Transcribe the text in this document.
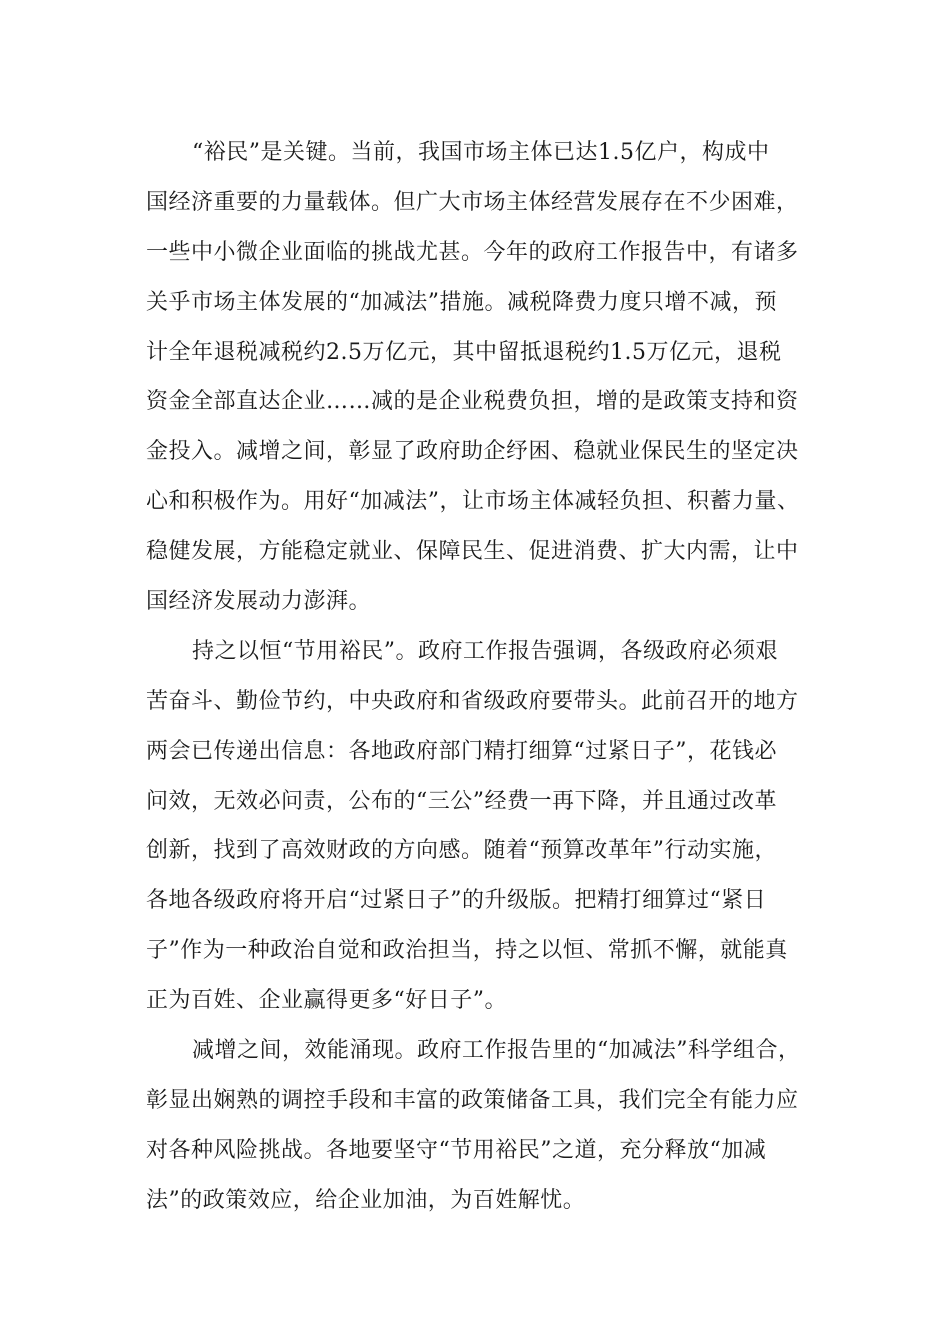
“裕民”是关键。当前，我国市场主体已达1.5亿户，构成中
国经济重要的力量载体。但广大市场主体经营发展存在不少困难，
一些中小微企业面临的挑战尤甚。今年的政府工作报告中，有诸多
关乎市场主体发展的“加减法”措施。减税降费力度只增不减，预
计全年退税减税约2.5万亿元，其中留抵退税约1.5万亿元，退税
资金全部直达企业……减的是企业税费负担，增的是政策支持和资
金投入。减增之间，彰显了政府助企纾困、稳就业保民生的坚定决
心和积极作为。用好“加减法”，让市场主体减轻负担、积蓄力量、
稳健发展，方能稳定就业、保障民生、促进消费、扩大内需，让中
国经济发展动力澎湃。
持之以恒“节用裕民”。政府工作报告强调，各级政府必须艰
苦奋斗、勤俭节约，中央政府和省级政府要带头。此前召开的地方
两会已传递出信息：各地政府部门精打细算“过紧日子”，花钱必
问效，无效必问责，公布的“三公”经费一再下降，并且通过改革
创新，找到了高效财政的方向感。随着“预算改革年”行动实施，
各地各级政府将开启“过紧日子”的升级版。把精打细算过“紧日
子”作为一种政治自觉和政治担当，持之以恒、常抓不懈，就能真
正为百姓、企业赢得更多“好日子”。
减增之间，效能涌现。政府工作报告里的“加减法”科学组合，
彰显出娴熟的调控手段和丰富的政策储备工具，我们完全有能力应
对各种风险挑战。各地要坚守“节用裕民”之道，充分释放“加减
法”的政策效应，给企业加油，为百姓解忧。
